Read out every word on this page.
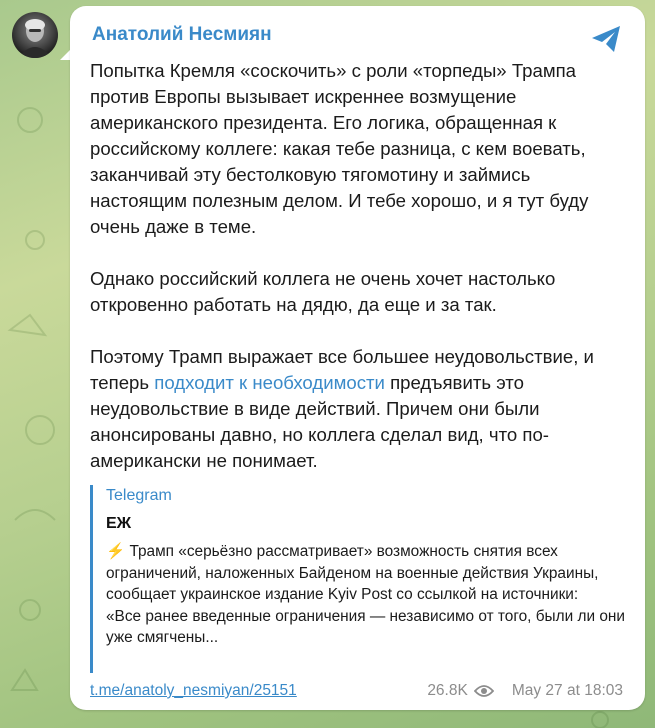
Анатолий Несмиян

Попытка Кремля «соскочить» с роли «торпеды» Трампа против Европы вызывает искреннее возмущение американского президента. Его логика, обращенная к российскому коллеге: какая тебе разница, с кем воевать, заканчивай эту бестолковую тягомотину и займись настоящим полезным делом. И тебе хорошо, и я тут буду очень даже в теме.

Однако российский коллега не очень хочет настолько откровенно работать на дядю, да еще и за так.

Поэтому Трамп выражает все большее неудовольствие, и теперь подходит к необходимости предъявить это неудовольствие в виде действий. Причем они были анонсированы давно, но коллега сделал вид, что по-американски не понимает.

Telegram
ЕЖ
⚡ Трамп «серьёзно рассматривает» возможность снятия всех ограничений, наложенных Байденом на военные действия Украины, сообщает украинское издание Kyiv Post со ссылкой на источники:
«Все ранее введенные ограничения — независимо от того, были ли они уже смягчены...
t.me/anatoly_nesmiyan/25151	26.8K	May 27 at 18:03
